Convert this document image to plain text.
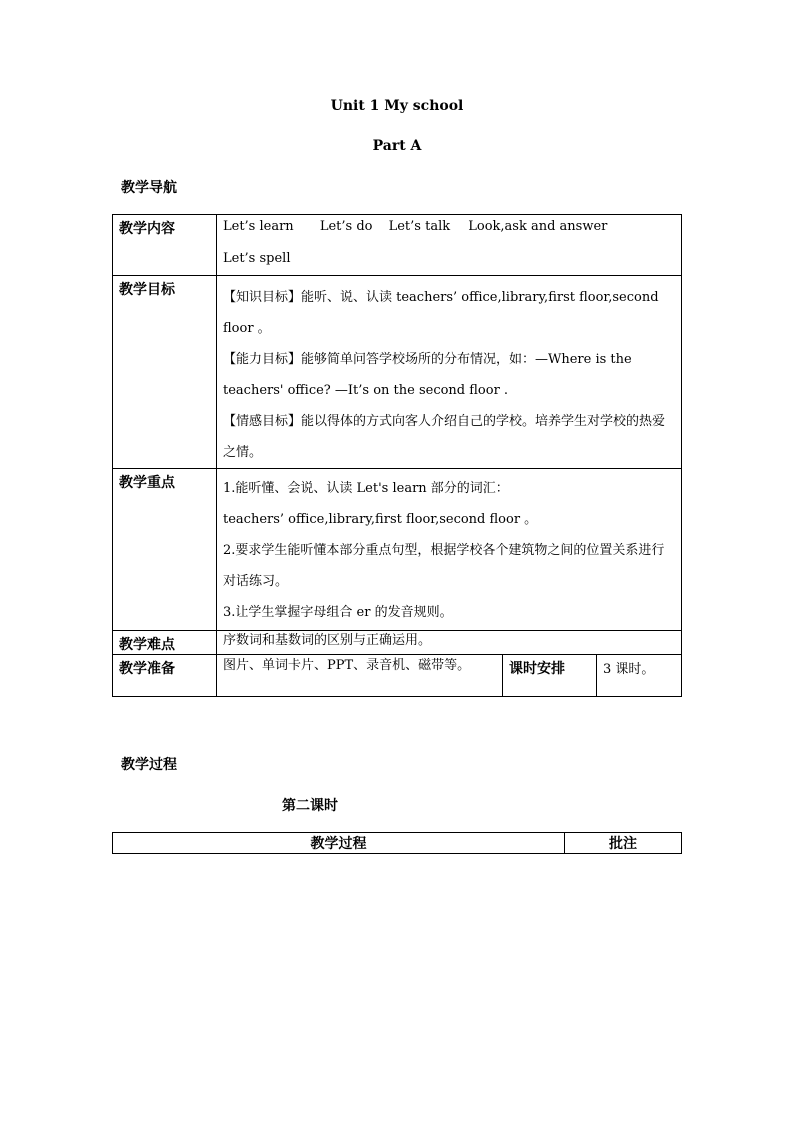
Unit 1 My school
Part A
教学导航
教学内容	Let’s learn Let’s do Let’s talk Look,ask and answer
Let’s spell		

教学目标	【知识目标】能听、说、认读 teachers’ office,library,first floor,second floor 。
【能力目标】能够简单问答学校场所的分布情况，如：—Where is the teachers' office? —It’s on the second floor .
【情感目标】能以得体的方式向客人介绍自己的学校。培养学生对学校的热爱之情。		

教学重点	1.能听懂、会说、认读 Let's learn 部分的词汇：
teachers’ office,library,first floor,second floor 。
2.要求学生能听懂本部分重点句型，根据学校各个建筑物之间的位置关系进行对话练习。
3.让学生掌握字母组合 er 的发音规则。		

教学难点	序数词和基数词的区别与正确运用。		
教学准备	图片、单词卡片、PPT、录音机、磁带等。	课时安排	3 课时。
教学过程
第二课时
教学过程	批注
